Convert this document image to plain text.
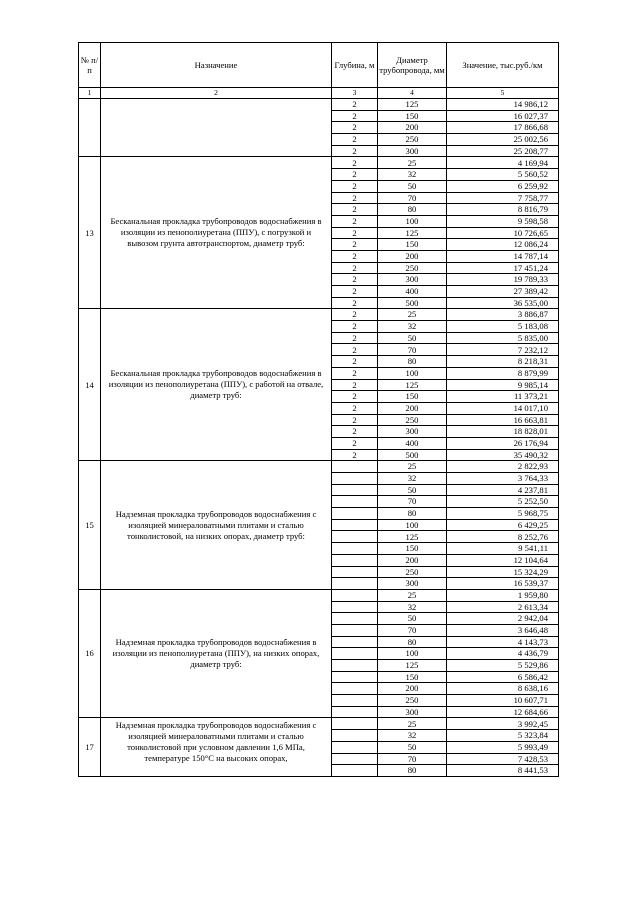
№ п/п	Назначение	Глубина, м	Диаметр трубопровода, мм	Значение, тыс.руб./км
1	2	3	4	5
		2	125	14 986,12
		2	150	16 027,37
		2	200	17 866,68
		2	250	25 002,56
		2	300	25 208,77
13	Бесканальная прокладка трубопроводов водоснабжения в изоляции из пенополиуретана (ППУ), с погрузкой и вывозом грунта автотранспортом, диаметр труб:	2	25	4 169,94
		2	32	5 560,52
		2	50	6 259,92
		2	70	7 758,77
		2	80	8 816,79
		2	100	9 598,58
		2	125	10 726,65
		2	150	12 086,24
		2	200	14 787,14
		2	250	17 451,24
		2	300	19 789,33
		2	400	27 389,42
		2	500	36 535,00
14	Бесканальная прокладка трубопроводов водоснабжения в изоляции из пенополиуретана (ППУ), с работой на отвале, диаметр труб:	2	25	3 886,87
		2	32	5 183,08
		2	50	5 835,00
		2	70	7 232,12
		2	80	8 218,31
		2	100	8 879,99
		2	125	9 985,14
		2	150	11 373,21
		2	200	14 017,10
		2	250	16 663,81
		2	300	18 828,01
		2	400	26 176,94
		2	500	35 490,32
15	Надземная прокладка трубопроводов водоснабжения с изоляцией минераловатными плитами и сталью тонколистовой, на низких опорах, диаметр труб:		25	2 822,93
			32	3 764,33
			50	4 237,81
			70	5 252,50
			80	5 968,75
			100	6 429,25
			125	8 252,76
			150	9 541,11
			200	12 104,64
			250	15 324,29
			300	16 539,37
16	Надземная прокладка трубопроводов водоснабжения в изоляции из пенополиуретана (ППУ), на низких опорах, диаметр труб:		25	1 959,80
			32	2 613,34
			50	2 942,04
			70	3 646,48
			80	4 143,73
			100	4 436,79
			125	5 529,86
			150	6 586,42
			200	8 638,16
			250	10 607,71
			300	12 684,66
17	Надземная прокладка трубопроводов водоснабжения с изоляцией минераловатными плитами и сталью тонколистовой при условном давлении 1,6 МПа, температуре 150°С на высоких опорах,		25	3 992,45
			32	5 323,84
			50	5 993,49
			70	7 428,53
			80	8 441,53
